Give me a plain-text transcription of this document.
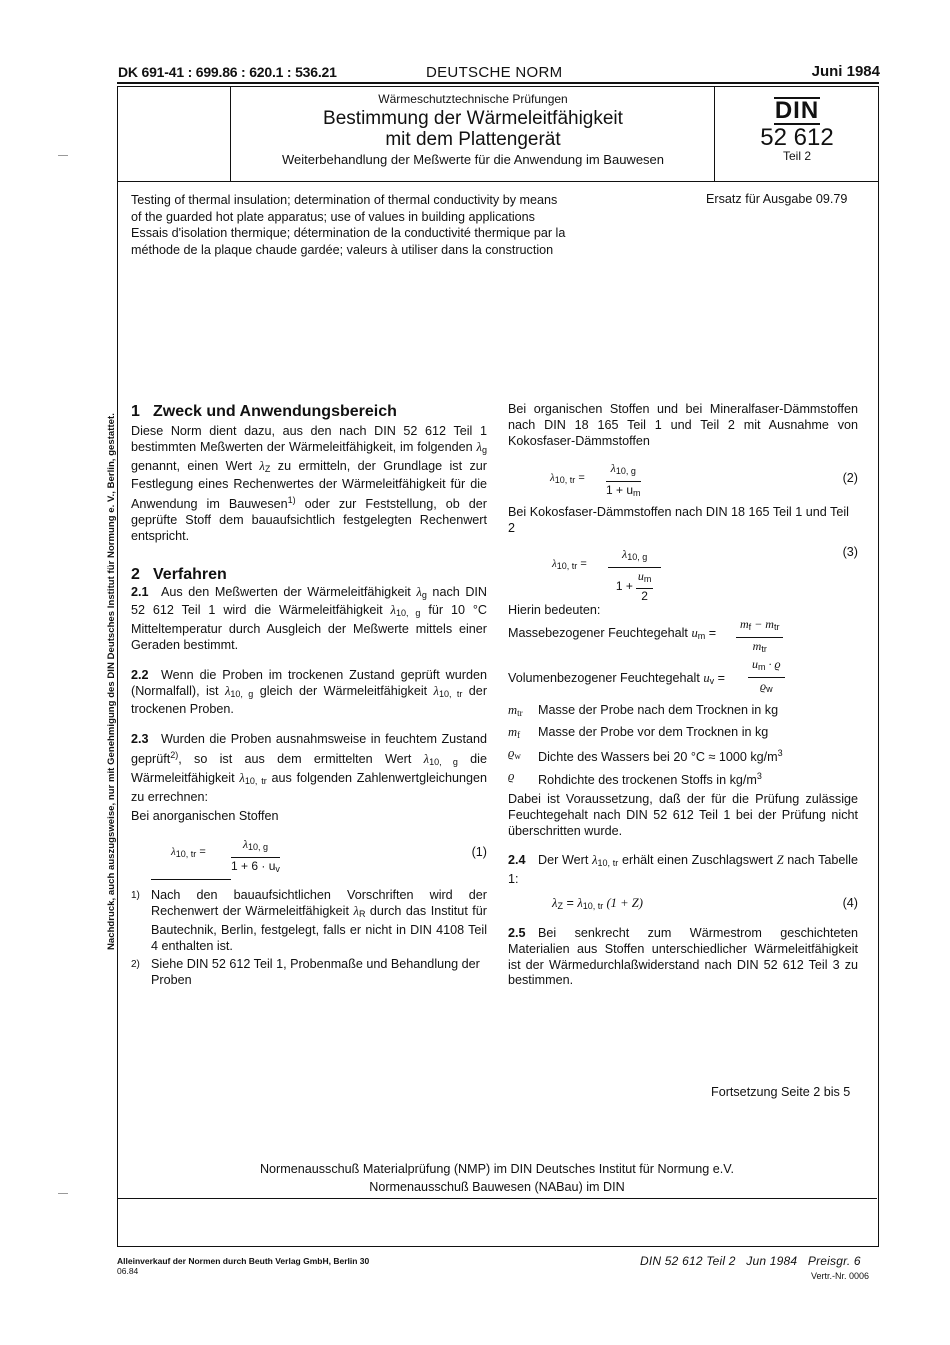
DK 691-41 : 699.86 : 620.1 : 536.21	DEUTSCHE NORM	Juni 1984
Wärmeschutztechnische Prüfungen
Bestimmung der Wärmeleitfähigkeit
mit dem Plattengerät
Weiterbehandlung der Meßwerte für die Anwendung im Bauwesen
DIN
52 612
Teil 2
Testing of thermal insulation; determination of thermal conductivity by means
of the guarded hot plate apparatus; use of values in building applications
Essais d'isolation thermique; détermination de la conductivité thermique par la
méthode de la plaque chaude gardée; valeurs à utiliser dans la construction
Ersatz für Ausgabe 09.79
Nachdruck, auch auszugsweise, nur mit Genehmigung des DIN Deutsches Institut für Normung e. V., Berlin, gestattet.
1 Zweck und Anwendungsbereich

Diese Norm dient dazu, aus den nach DIN 52 612 Teil 1 bestimmten Meßwerten der Wärmeleitfähigkeit, im folgenden $\lambda_g$ genannt, einen Wert $\lambda_Z$ zu ermitteln, der Grundlage ist zur Festlegung eines Rechenwertes der Wärmeleitfähigkeit für die Anwendung im Bauwesen$^{1)}$ oder zur Feststellung, ob der geprüfte Stoff dem bauaufsichtlich festgelegten Rechenwert entspricht.

2 Verfahren

2.1 Aus den Meßwerten der Wärmeleitfähigkeit $\lambda_g$ nach DIN 52 612 Teil 1 wird die Wärmeleitfähigkeit $\lambda_{10, g}$ für 10 °C Mitteltemperatur durch Ausgleich der Meßwerte mittels einer Geraden bestimmt.

2.2 Wenn die Proben im trockenen Zustand geprüft wurden (Normalfall), ist $\lambda_{10, g}$ gleich der Wärmeleitfähigkeit $\lambda_{10, tr}$ der trockenen Proben.

2.3 Wurden die Proben ausnahmsweise in feuchtem Zustand geprüft$^{2)}$, so ist aus dem ermittelten Wert $\lambda_{10, g}$ die Wärmeleitfähigkeit $\lambda_{10, tr}$ aus folgenden Zahlenwertgleichungen zu errechnen:

Bei anorganischen Stoffen

$\lambda_{10, tr} = \frac{\lambda_{10, g}}{1 + 6 \cdot u_v}$	(1)
1) Nach den bauaufsichtlichen Vorschriften wird der Rechenwert der Wärmeleitfähigkeit $\lambda_R$ durch das Institut für Bautechnik, Berlin, festgelegt, falls er nicht in DIN 4108 Teil 4 enthalten ist.
2) Siehe DIN 52 612 Teil 1, Probenmaße und Behandlung der Proben

Bei organischen Stoffen und bei Mineralfaser-Dämmstoffen nach DIN 18 165 Teil 1 und Teil 2 mit Ausnahme von Kokosfaser-Dämmstoffen

$\lambda_{10, tr} = \frac{\lambda_{10, g}}{1 + u_m}$	(2)

Bei Kokosfaser-Dämmstoffen nach DIN 18 165 Teil 1 und Teil 2

$\lambda_{10, tr} = \frac{\lambda_{10, g}}{1 + \frac{u_m}{2}}$	(3)

Hierin bedeuten:

Massebezogener Feuchtegehalt $u_m$ =
$m_f - m_{tr}$
$m_{tr}$
Volumenbezogener Feuchtegehalt $u_v = \frac{u_m \cdot ϱ}{ϱ_w}$
$m_{tr}$	Masse der Probe nach dem Trocknen in kg
$m_f$	Masse der Probe vor dem Trocknen in kg
$ϱ_w$	Dichte des Wassers bei 20 °C ≈ 1000 $kg/m^3$
ϱ	Rohdichte des trockenen Stoffs in $kg/m^3$

Dabei ist Voraussetzung, daß der für die Prüfung zulässige Feuchtegehalt nach DIN 52 612 Teil 1 bei der Prüfung nicht überschritten wurde.

2.4 Der Wert $\lambda_{10, tr}$ erhält einen Zuschlagswert Z nach Tabelle 1:

$\lambda_Z = \lambda_{10, tr}$ (1 + Z)	(4)

2.5 Bei senkrecht zum Wärmestrom geschichteten Materialien aus Stoffen unterschiedlicher Wärmeleitfähigkeit ist der Wärmedurchlaßwiderstand nach DIN 52 612 Teil 3 zu bestimmen.

Fortsetzung Seite 2 bis 5
Normenausschuß Materialprüfung (NMP) im DIN Deutsches Institut für Normung e.V.
Normenausschuß Bauwesen (NABau) im DIN
Alleinverkauf der Normen durch Beuth Verlag GmbH, Berlin 30
06.84
DIN 52 612 Teil 2   Jun 1984   Preisgr. 6
Vertr.-Nr. 0006
